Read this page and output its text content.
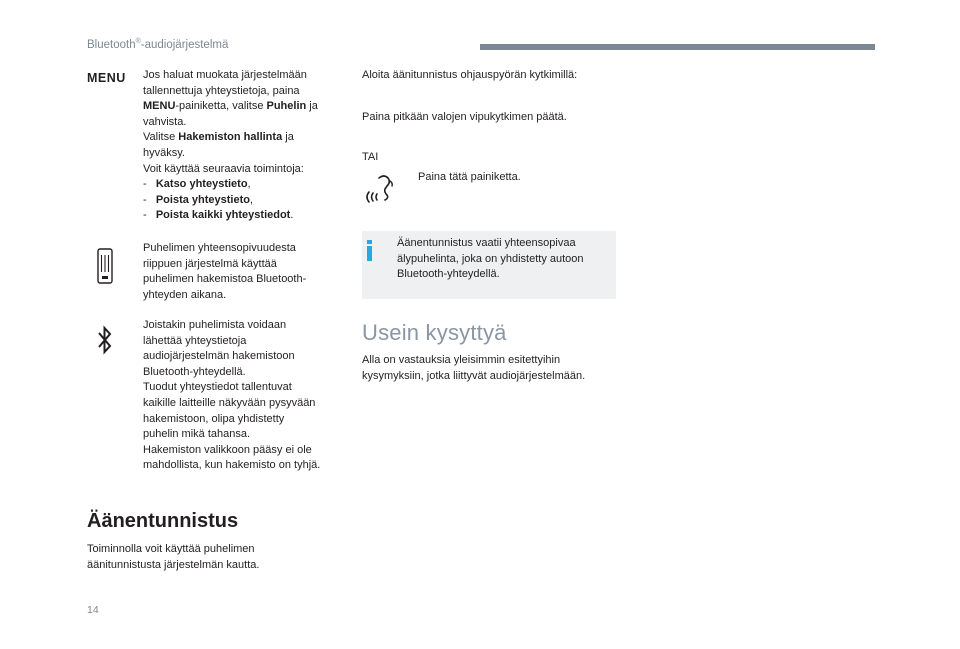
Bluetooth®-audiojärjestelmä
MENU Jos haluat muokata järjestelmään
tallennettuja yhteystietoja, paina
MENU-painiketta, valitse Puhelin ja
vahvista.
Valitse Hakemiston hallinta ja
hyväksy.
Voit käyttää seuraavia toimintoja:
- Katso yhteystieto,
- Poista yhteystieto,
- Poista kaikki yhteystiedot.
Puhelimen yhteensopivuudesta
riippuen järjestelmä käyttää
puhelimen hakemistoa Bluetooth-
yhteyden aikana.
Joistakin puhelimista voidaan
lähettää yhteystietoja
audiojärjestelmän hakemistoon
Bluetooth-yhteydellä.
Tuodut yhteystiedot tallentuvat
kaikille laitteille näkyvään pysyvään
hakemistoon, olipa yhdistetty
puhelin mikä tahansa.
Hakemiston valikkoon pääsy ei ole
mahdollista, kun hakemisto on tyhjä.
Äänentunnistus
Toiminnolla voit käyttää puhelimen
äänitunnistusta järjestelmän kautta.
Aloita äänitunnistus ohjauspyörän kytkimillä:
Paina pitkään valojen vipukytkimen päätä.
TAI
Paina tätä painiketta.
Äänentunnistus vaatii yhteensopivaa
älypuhelinta, joka on yhdistetty autoon
Bluetooth-yhteydellä.
Usein kysyttyä
Alla on vastauksia yleisimmin esitettyihin
kysymyksiin, jotka liittyvät audiojärjestelmään.
14
